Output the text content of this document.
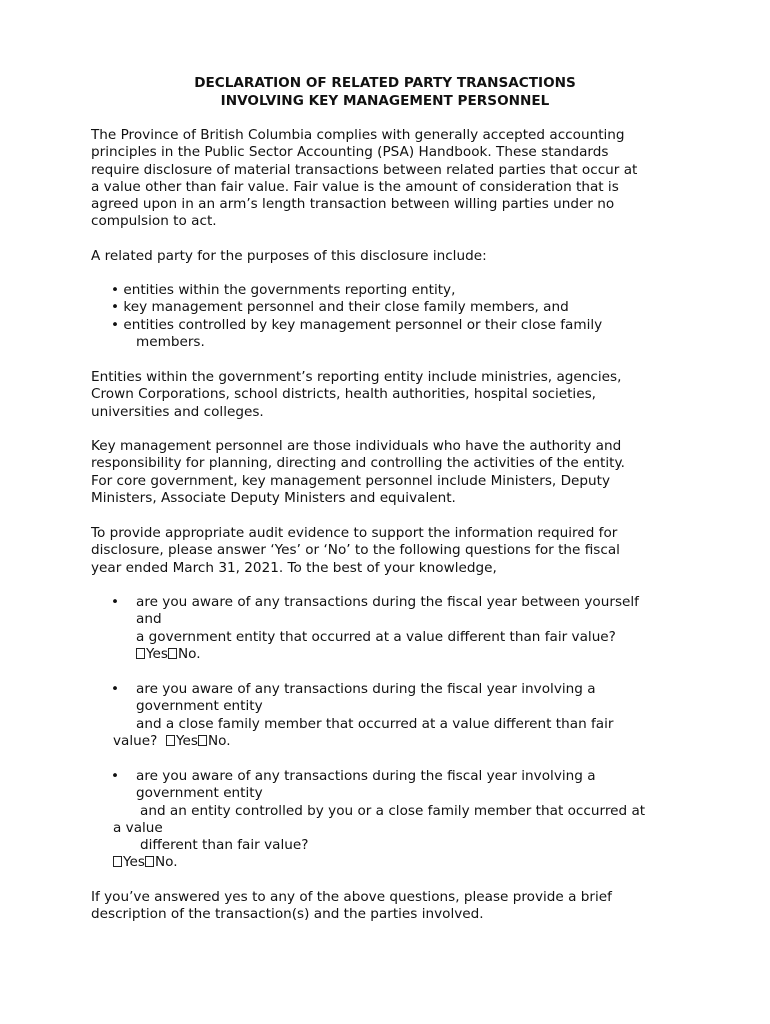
DECLARATION OF RELATED PARTY TRANSACTIONS
INVOLVING KEY MANAGEMENT PERSONNEL

The Province of British Columbia complies with generally accepted accounting
principles in the Public Sector Accounting (PSA) Handbook. These standards
require disclosure of material transactions between related parties that occur at
a value other than fair value. Fair value is the amount of consideration that is
agreed upon in an arm’s length transaction between willing parties under no
compulsion to act.

A related party for the purposes of this disclosure include:

• entities within the governments reporting entity,
• key management personnel and their close family members, and
• entities controlled by key management personnel or their close family
members.

Entities within the government’s reporting entity include ministries, agencies,
Crown Corporations, school districts, health authorities, hospital societies,
universities and colleges.

Key management personnel are those individuals who have the authority and
responsibility for planning, directing and controlling the activities of the entity.
For core government, key management personnel include Ministers, Deputy
Ministers, Associate Deputy Ministers and equivalent.

To provide appropriate audit evidence to support the information required for
disclosure, please answer ‘Yes’ or ‘No’ to the following questions for the fiscal
year ended March 31, 2021. To the best of your knowledge,

•	are you aware of any transactions during the fiscal year between yourself
and
a government entity that occurred at a value different than fair value?
Yes No.
•	are you aware of any transactions during the fiscal year involving a
government entity
and a close family member that occurred at a value different than fair
value? Yes No.
•	are you aware of any transactions during the fiscal year involving a
government entity
and an entity controlled by you or a close family member that occurred at
a value
different than fair value?
Yes No.

If you’ve answered yes to any of the above questions, please provide a brief
description of the transaction(s) and the parties involved.
